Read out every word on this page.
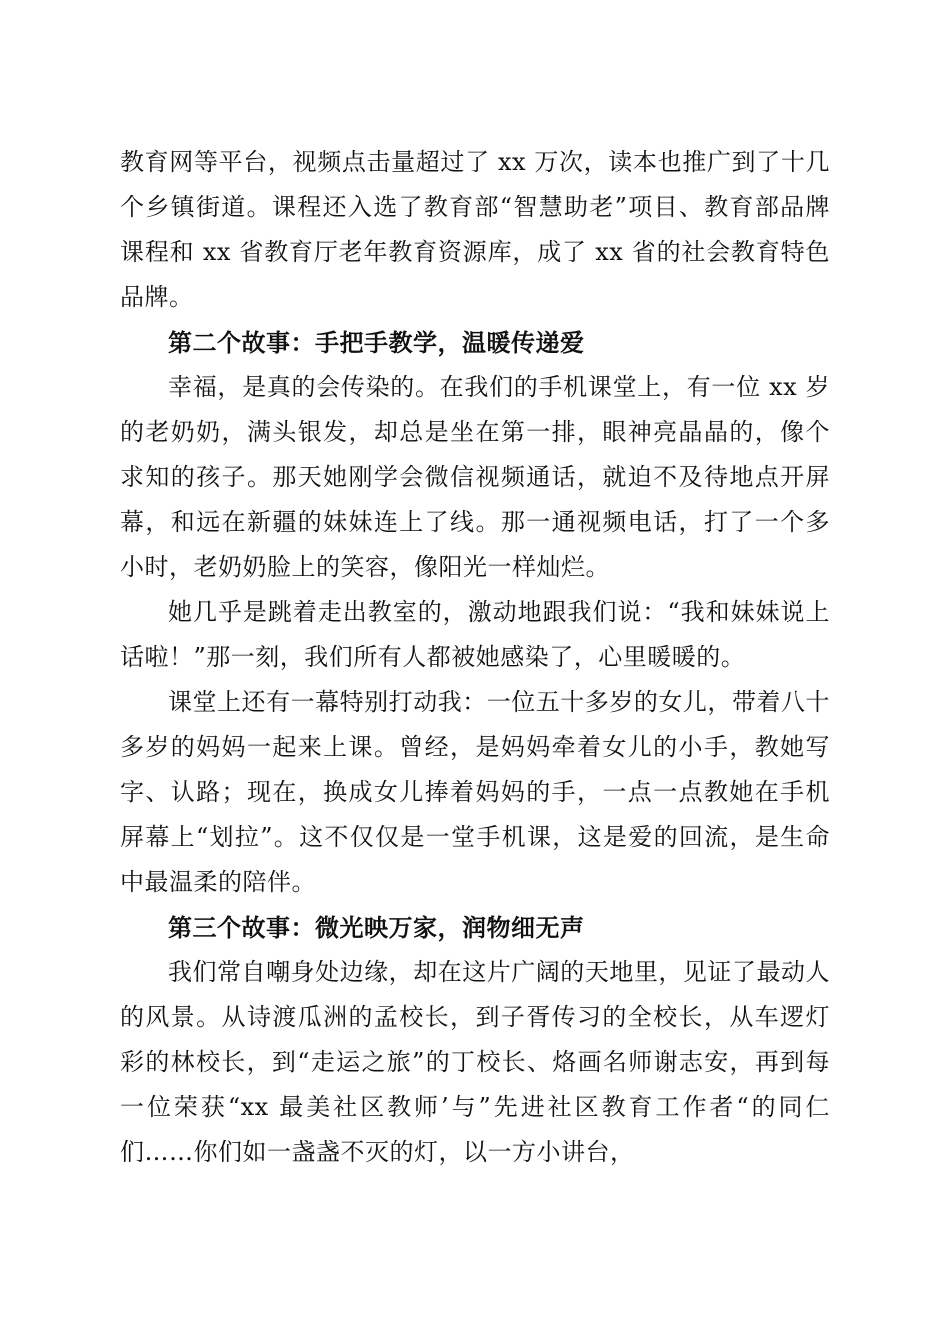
教育网等平台，视频点击量超过了 xx 万次，读本也推广到了十几个乡镇街道。课程还入选了教育部“智慧助老”项目、教育部品牌课程和 xx 省教育厅老年教育资源库，成了 xx 省的社会教育特色品牌。

第二个故事：手把手教学，温暖传递爱

幸福，是真的会传染的。在我们的手机课堂上，有一位 xx 岁的老奶奶，满头银发，却总是坐在第一排，眼神亮晶晶的，像个求知的孩子。那天她刚学会微信视频通话，就迫不及待地点开屏幕，和远在新疆的妹妹连上了线。那一通视频电话，打了一个多小时，老奶奶脸上的笑容，像阳光一样灿烂。

她几乎是跳着走出教室的，激动地跟我们说：“我和妹妹说上话啦！”那一刻，我们所有人都被她感染了，心里暖暖的。

课堂上还有一幕特别打动我：一位五十多岁的女儿，带着八十多岁的妈妈一起来上课。曾经，是妈妈牵着女儿的小手，教她写字、认路；现在，换成女儿捧着妈妈的手，一点一点教她在手机屏幕上“划拉”。这不仅仅是一堂手机课，这是爱的回流，是生命中最温柔的陪伴。

第三个故事：微光映万家，润物细无声

我们常自嘲身处边缘，却在这片广阔的天地里，见证了最动人的风景。从诗渡瓜洲的孟校长，到子胥传习的全校长，从车逻灯彩的林校长，到“走运之旅”的丁校长、烙画名师谢志安，再到每一位荣获“xx 最美社区教师’与”先进社区教育工作者“的同仁们……你们如一盏盏不灭的灯，以一方小讲台，
